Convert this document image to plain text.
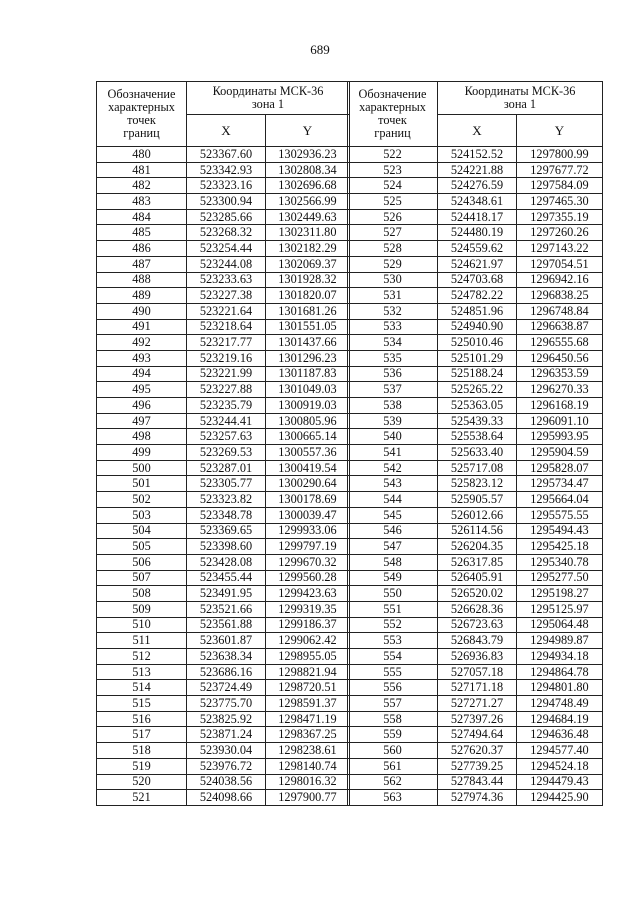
689
Обозначение
характерных
точек
границ	Координаты МСК-36
зона 1	
	X	Y
480	523367.60	1302936.23
481	523342.93	1302808.34
482	523323.16	1302696.68
483	523300.94	1302566.99
484	523285.66	1302449.63
485	523268.32	1302311.80
486	523254.44	1302182.29
487	523244.08	1302069.37
488	523233.63	1301928.32
489	523227.38	1301820.07
490	523221.64	1301681.26
491	523218.64	1301551.05
492	523217.77	1301437.66
493	523219.16	1301296.23
494	523221.99	1301187.83
495	523227.88	1301049.03
496	523235.79	1300919.03
497	523244.41	1300805.96
498	523257.63	1300665.14
499	523269.53	1300557.36
500	523287.01	1300419.54
501	523305.77	1300290.64
502	523323.82	1300178.69
503	523348.78	1300039.47
504	523369.65	1299933.06
505	523398.60	1299797.19
506	523428.08	1299670.32
507	523455.44	1299560.28
508	523491.95	1299423.63
509	523521.66	1299319.35
510	523561.88	1299186.37
511	523601.87	1299062.42
512	523638.34	1298955.05
513	523686.16	1298821.94
514	523724.49	1298720.51
515	523775.70	1298591.37
516	523825.92	1298471.19
517	523871.24	1298367.25
518	523930.04	1298238.61
519	523976.72	1298140.74
520	524038.56	1298016.32
521	524098.66	1297900.77
Обозначение
характерных
точек
границ	Координаты МСК-36
зона 1	
	X	Y
522	524152.52	1297800.99
523	524221.88	1297677.72
524	524276.59	1297584.09
525	524348.61	1297465.30
526	524418.17	1297355.19
527	524480.19	1297260.26
528	524559.62	1297143.22
529	524621.97	1297054.51
530	524703.68	1296942.16
531	524782.22	1296838.25
532	524851.96	1296748.84
533	524940.90	1296638.87
534	525010.46	1296555.68
535	525101.29	1296450.56
536	525188.24	1296353.59
537	525265.22	1296270.33
538	525363.05	1296168.19
539	525439.33	1296091.10
540	525538.64	1295993.95
541	525633.40	1295904.59
542	525717.08	1295828.07
543	525823.12	1295734.47
544	525905.57	1295664.04
545	526012.66	1295575.55
546	526114.56	1295494.43
547	526204.35	1295425.18
548	526317.85	1295340.78
549	526405.91	1295277.50
550	526520.02	1295198.27
551	526628.36	1295125.97
552	526723.63	1295064.48
553	526843.79	1294989.87
554	526936.83	1294934.18
555	527057.18	1294864.78
556	527171.18	1294801.80
557	527271.27	1294748.49
558	527397.26	1294684.19
559	527494.64	1294636.48
560	527620.37	1294577.40
561	527739.25	1294524.18
562	527843.44	1294479.43
563	527974.36	1294425.90
